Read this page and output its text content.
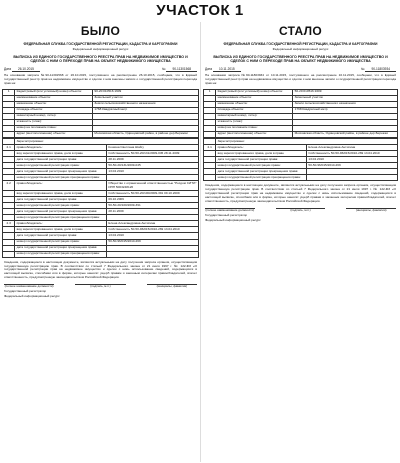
УЧАСТОК 1
БЫЛО
ФЕДЕРАЛЬНАЯ СЛУЖБА ГОСУДАРСТВЕННОЙ РЕГИСТРАЦИИ, КАДАСТРА И КАРТОГРАФИИ
Федеральный информационный ресурс
ВЫПИСКА ИЗ ЕДИНОГО ГОСУДАРСТВЕННОГО РЕЕСТРА ПРАВ НА НЕДВИЖИМОЕ ИМУЩЕСТВО И СДЕЛОК С НИМ О ПЕРЕХОДЕ ПРАВ НА ОБЪЕКТ НЕДВИЖИМОГО ИМУЩЕСТВА
Дата 26.10.2015	№ 90-11301568
На основании запроса №90-11301568 от 26.10.2015, поступившего на рассмотрение 26.10.2015, сообщаем, что в Единый государственный реестр прав на недвижимое имущество и сделок с ним внесены записи о государственной регистрации перехода прав на:
1	Кадастровый (или условный) номер объекта:	90-20:010516:1609
	наименование объекта:	Земельный участок
	назначение объекта:	Земли сельскохозяйственного назначения
	площадь объекта:	1768 Квадратный метр
	инвентарный номер, литер:	
	этажность (этаж):	
	номер на поэтажном плане:	
	адрес (местоположение) объекта:	Московская область, Одинцовский район, в районе дер.Бережки
	Зарегистрировано:	
2.1	правообладатель:	Кошина Светлана Шойгу
	вид зарегистрированного права, доля в праве	Собственность 50-50-20/131/2009-045 28.11.2009
	дата государственной регистрации права:	28.11.2009
	номер государственной регистрации права:	50-50-20/131/2009-045
	дата государственной регистрации прекращения права:	13.04.2010
	номер государственной регистрации прекращения права:	
2.2	правообладатель:	Общество с ограниченной ответственностью "Росдом СИТИ" ИНН 5003248126
	вид зарегистрированного права, доля в праве	Собственность 50-50-20/100/2009-391 09.10.2009
	дата государственной регистрации права:	09.10.2009
	номер государственной регистрации права:	50-50-20/100/2009-391
	дата государственной регистрации прекращения права:	28.11.2009
	номер государственной регистрации прекращения права:	
2.3	правообладатель:	Елена Александровна Антипина
	вид зарегистрированного права, доля в праве	Собственность 50-50-96/015/2010-269 13.04.2010
	дата государственной регистрации права:	13.04.2010
	номер государственной регистрации права:	50-50-96/015/2010-269
	дата государственной регистрации прекращения права:	
	номер государственной регистрации прекращения права:	
Сведения, содержащиеся в настоящем документе, являются актуальными на дату получения запроса органом, осуществляющим государственную регистрацию прав. В соответствии со статьей 7 Федерального закона от 21 июля 1997 г. № 122-ФЗ «О государственной регистрации прав на недвижимое имущество и сделок с ним» использование сведений, содержащихся в настоящей выписке, способами или в форме, которые наносят ущерб правам и законным интересам правообладателей, влечет ответственность, предусмотренную законодательством Российской Федерации.
(полное наименование должности)	(подпись, м.п.)	(инициалы, фамилия)
Государственный регистратор
Федеральный информационный ресурс
СТАЛО
ФЕДЕРАЛЬНАЯ СЛУЖБА ГОСУДАРСТВЕННОЙ РЕГИСТРАЦИИ, КАДАСТРА И КАРТОГРАФИИ
Федеральный информационный ресурс
ВЫПИСКА ИЗ ЕДИНОГО ГОСУДАРСТВЕННОГО РЕЕСТРА ПРАВ НА НЕДВИЖИМОЕ ИМУЩЕСТВО И СДЕЛОК С НИМ О ПЕРЕХОДЕ ПРАВ НА ОБЪЕКТ НЕДВИЖИМОГО ИМУЩЕСТВА
Дата 10.11.2015	№ 90-11803934
На основании запроса №90-11803934 от 10.11.2015, поступившего на рассмотрение 10.11.2015, сообщаем, что в Единый государственный реестр прав на недвижимое имущество и сделок с ним внесены записи о государственной регистрации перехода прав на:
1	Кадастровый (или условный) номер объекта:	50-20:010516:1609
	наименование объекта:	Земельный участок
	назначение объекта:	Земли сельскохозяйственного назначения
	площадь объекта:	1768 Квадратный метр
	инвентарный номер, литер:	
	этажность (этаж):	
	номер на поэтажном плане:	
	адрес (местоположение) объекта:	Московская область, Одинцовский район, в районе дер.Бережки
	Зарегистрировано:	
2.1	правообладатель:	Елена Александровна Антипина
	вид зарегистрированного права, доля в праве	Собственность 50-50-96/015/2010-269 13.04.2010
	дата государственной регистрации права:	13.04.2010
	номер государственной регистрации права:	50-50-96/015/2010-269
	дата государственной регистрации прекращения права:	
	номер государственной регистрации прекращения права:	
Сведения, содержащиеся в настоящем документе, являются актуальными на дату получения запроса органом, осуществляющим государственную регистрацию прав. В соответствии со статьей 7 Федерального закона от 21 июля 1997 г. № 122-ФЗ «О государственной регистрации прав на недвижимое имущество и сделок с ним» использование сведений, содержащихся в настоящей выписке, способами или в форме, которые наносят ущерб правам и законным интересам правообладателей, влечет ответственность, предусмотренную законодательством Российской Федерации.
(полное наименование должности)	(подпись, м.п.)	(инициалы, фамилия)
Государственный регистратор
Федеральный информационный ресурс
